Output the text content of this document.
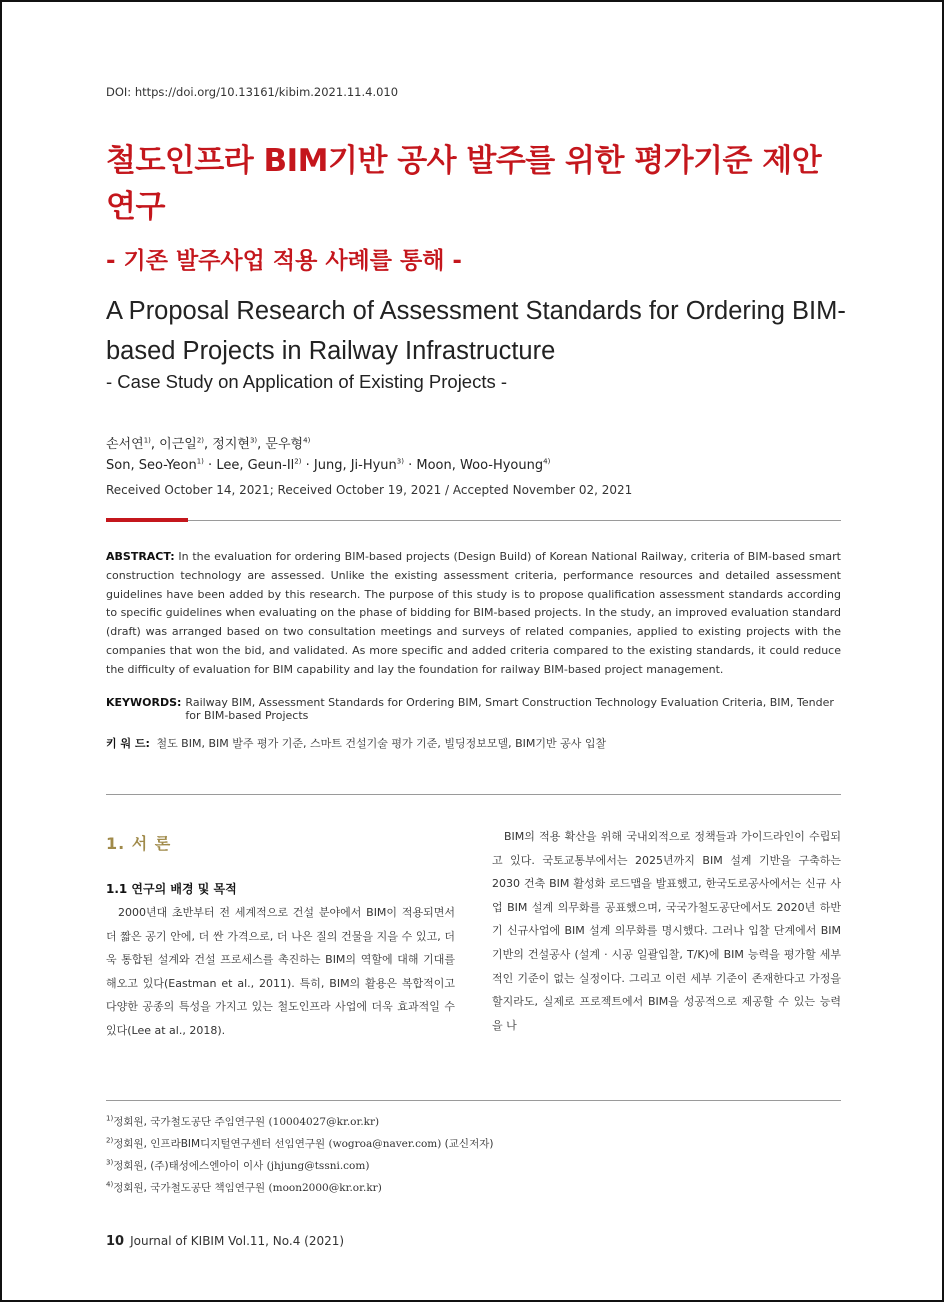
DOI: https://doi.org/10.13161/kibim.2021.11.4.010
철도인프라 BIM기반 공사 발주를 위한 평가기준 제안 연구
- 기존 발주사업 적용 사례를 통해 -
A Proposal Research of Assessment Standards for Ordering BIM-based Projects in Railway Infrastructure
- Case Study on Application of Existing Projects -
손서연$^{1)}$, 이근일$^{2)}$, 정지현$^{3)}$, 문우형$^{4)}$
Son, Seo-Yeon$^{1)}$ · Lee, Geun-$Il^{2)}$ · Jung, Ji-Hyun$^{3)}$ · Moon, Woo-Hyoung$^{4)}$
Received October 14, 2021; Received October 19, 2021 / Accepted November 02, 2021

ABSTRACT: In the evaluation for ordering BIM-based projects (Design Build) of Korean National Railway, criteria of BIM-based smart construction technology are assessed. Unlike the existing assessment criteria, performance resources and detailed assessment guidelines have been added by this research. The purpose of this study is to propose qualification assessment standards according to specific guidelines when evaluating on the phase of bidding for BIM-based projects. In the study, an improved evaluation standard (draft) was arranged based on two consultation meetings and surveys of related companies, applied to existing projects with the companies that won the bid, and validated. As more specific and added criteria compared to the existing standards, it could reduce the difficulty of evaluation for BIM capability and lay the foundation for railway BIM-based project management.

KEYWORDS: Railway BIM, Assessment Standards for Ordering BIM, Smart Construction Technology Evaluation Criteria, BIM, Tender for BIM-based Projects
키 워 드: 철도 BIM, BIM 발주 평가 기준, 스마트 건설기술 평가 기준, 빌딩정보모델, BIM기반 공사 입찰
1. 서 론
1.1 연구의 배경 및 목적

2000년대 초반부터 전 세계적으로 건설 분야에서 BIM이 적용되면서 더 짧은 공기 안에, 더 싼 가격으로, 더 나은 질의 건물을 지을 수 있고, 더욱 통합된 설계와 건설 프로세스를 촉진하는 BIM의 역할에 대해 기대를 해오고 있다(Eastman et al., 2011). 특히, BIM의 활용은 복합적이고 다양한 공종의 특성을 가지고 있는 철도인프라 사업에 더욱 효과적일 수 있다(Lee at al., 2018).

BIM의 적용 확산을 위해 국내외적으로 정책들과 가이드라인이 수립되고 있다. 국토교통부에서는 2025년까지 BIM 설계 기반을 구축하는 2030 건축 BIM 활성화 로드맵을 발표했고, 한국도로공사에서는 신규 사업 BIM 설계 의무화를 공표했으며, 국국가철도공단에서도 2020년 하반기 신규사업에 BIM 설계 의무화를 명시했다. 그러나 입찰 단계에서 BIM기반의 건설공사 (설계 · 시공 일괄입찰, T/K)에 BIM 능력을 평가할 세부적인 기준이 없는 실정이다. 그리고 이런 세부 기준이 존재한다고 가정을 할지라도, 실제로 프로젝트에서 BIM을 성공적으로 제공할 수 있는 능력을 나

$^{1)}$정회원, 국가철도공단 주임연구원 (10004027@kr.or.kr)
$^{2)}$정회원, 인프라BIM디지털연구센터 선임연구원 (wogroa@naver.com) (교신저자)
$^{3)}$정회원, (주)태성에스엔아이 이사 (jhjung@tssni.com)
$^{4)}$정회원, 국가철도공단 책임연구원 (moon2000@kr.or.kr)
10 Journal of KIBIM Vol.11, No.4 (2021)
